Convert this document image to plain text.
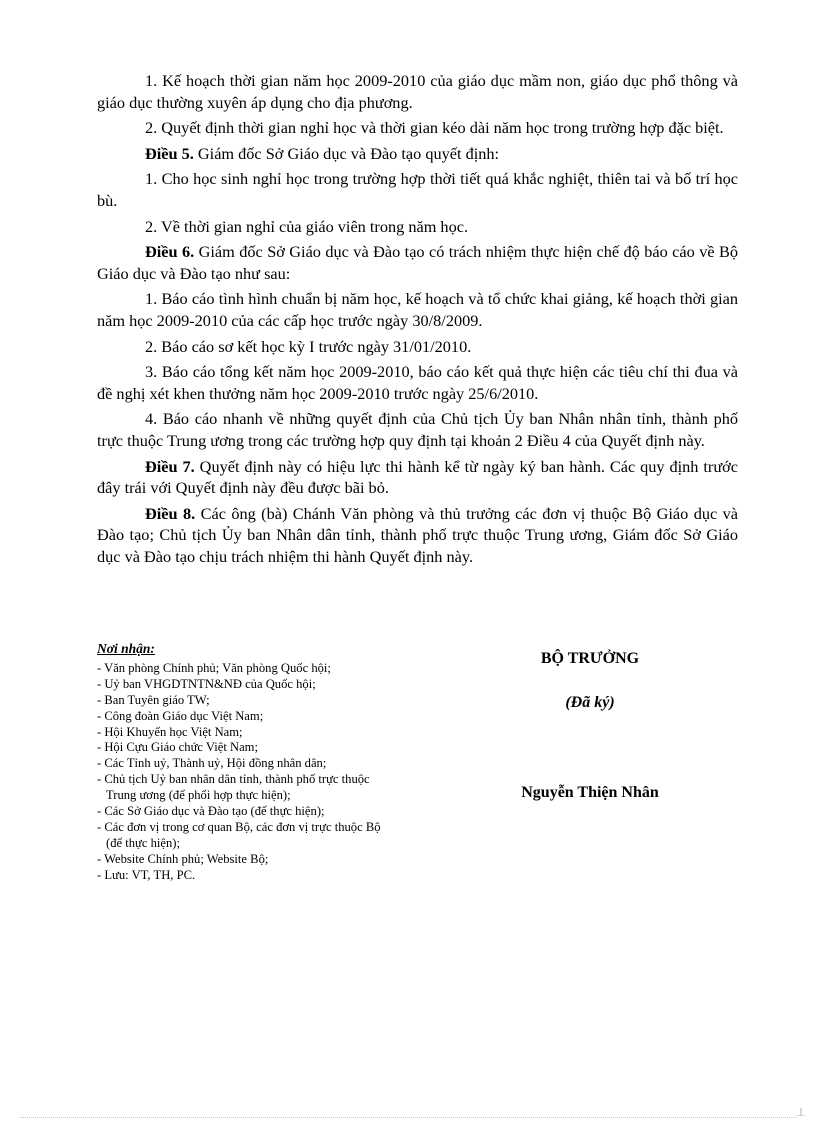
1. Kế hoạch thời gian năm học 2009-2010 của giáo dục mầm non, giáo dục phổ thông và giáo dục thường xuyên áp dụng cho địa phương.

2. Quyết định thời gian nghỉ học và thời gian kéo dài năm học trong trường hợp đặc biệt.

Điều 5. Giám đốc Sở Giáo dục và Đào tạo quyết định:

1. Cho học sinh nghỉ học trong trường hợp thời tiết quá khắc nghiệt, thiên tai và bố trí học bù.

2. Về thời gian nghỉ của giáo viên trong năm học.

Điều 6. Giám đốc Sở Giáo dục và Đào tạo có trách nhiệm thực hiện chế độ báo cáo về Bộ Giáo dục và Đào tạo như sau:

1. Báo cáo tình hình chuẩn bị năm học, kế hoạch và tổ chức khai giảng, kế hoạch thời gian năm học 2009-2010 của các cấp học trước ngày 30/8/2009.

2. Báo cáo sơ kết học kỳ I trước ngày 31/01/2010.

3. Báo cáo tổng kết năm học 2009-2010, báo cáo kết quả thực hiện các tiêu chí thi đua và đề nghị xét khen thưởng năm học 2009-2010 trước ngày 25/6/2010.

4. Báo cáo nhanh về những quyết định của Chủ tịch Ủy ban Nhân nhân tỉnh, thành phố trực thuộc Trung ương trong các trường hợp quy định tại khoản 2 Điều 4 của Quyết định này.

Điều 7. Quyết định này có hiệu lực thi hành kể từ ngày ký ban hành. Các quy định trước đây trái với Quyết định này đều được bãi bỏ.

Điều 8. Các ông (bà) Chánh Văn phòng và thủ trưởng các đơn vị thuộc Bộ Giáo dục và Đào tạo; Chủ tịch Ủy ban Nhân dân tỉnh, thành phố trực thuộc Trung ương, Giám đốc Sở Giáo dục và Đào tạo chịu trách nhiệm thi hành Quyết định này.

Nơi nhận:

- Văn phòng Chính phủ; Văn phòng Quốc hội;
- Uỷ ban VHGDTNTN&NĐ của Quốc hội;
- Ban Tuyên giáo TW;
- Công đoàn Giáo dục Việt Nam;
- Hội Khuyến học Việt Nam;
- Hội Cựu Giáo chức Việt Nam;
- Các Tỉnh uỷ, Thành uỷ, Hội đồng nhân dân;
- Chủ tịch Uỷ ban nhân dân tỉnh, thành phố trực thuộc Trung ương (để phối hợp thực hiện);
- Các Sở Giáo dục và Đào tạo (để thực hiện);
- Các đơn vị trong cơ quan Bộ, các đơn vị trực thuộc Bộ (để thực hiện);
- Website Chính phủ; Website Bộ;
- Lưu: VT, TH, PC.

BỘ TRƯỞNG

(Đã ký)

Nguyễn Thiện Nhân
